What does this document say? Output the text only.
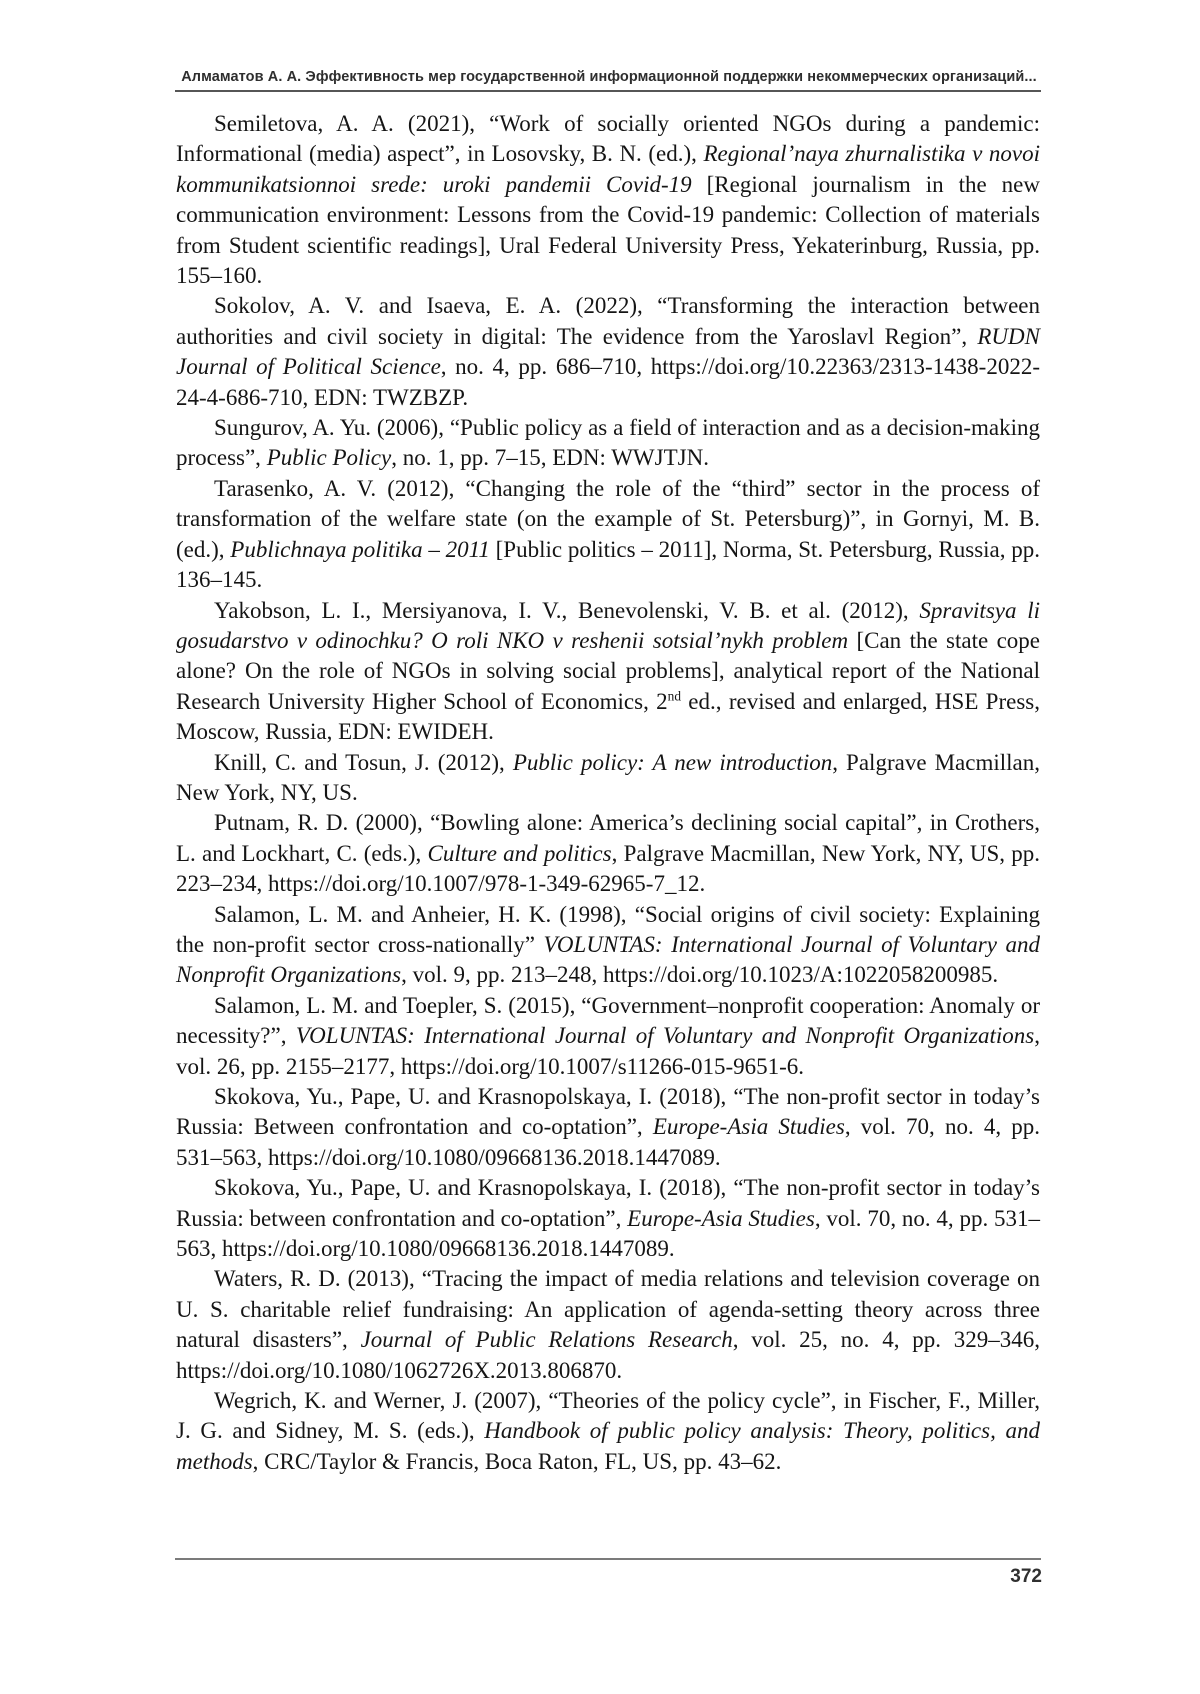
Алмаматов А. А. Эффективность мер государственной информационной поддержки некоммерческих организаций...

Semiletova, A. A. (2021), “Work of socially oriented NGOs during a pandemic: Informational (media) aspect”, in Losovsky, B. N. (ed.), Regional’naya zhurnalistika v novoi kommunikatsionnoi srede: uroki pandemii Covid-19 [Regional journalism in the new communication environment: Lessons from the Covid-19 pandemic: Collection of materials from Student scientific readings], Ural Federal University Press, Yekaterinburg, Russia, pp. 155–160.

Sokolov, A. V. and Isaeva, E. A. (2022), “Transforming the interaction between authorities and civil society in digital: The evidence from the Yaroslavl Region”, RUDN Journal of Political Science, no. 4, pp. 686–710, https://doi.org/10.22363/2313-1438-2022-24-4-686-710, EDN: TWZBZP.

Sungurov, A. Yu. (2006), “Public policy as a field of interaction and as a decision-making process”, Public Policy, no. 1, pp. 7–15, EDN: WWJTJN.

Tarasenko, A. V. (2012), “Changing the role of the “third” sector in the process of transformation of the welfare state (on the example of St. Petersburg)”, in Gornyi, M. B. (ed.), Publichnaya politika – 2011 [Public politics – 2011], Norma, St. Petersburg, Russia, pp. 136–145.

Yakobson, L. I., Mersiyanova, I. V., Benevolenski, V. B. et al. (2012), Spravitsya li gosudarstvo v odinochku? O roli NKO v reshenii sotsial’nykh problem [Can the state cope alone? On the role of NGOs in solving social problems], analytical report of the National Research University Higher School of Economics, 2nd ed., revised and enlarged, HSE Press, Moscow, Russia, EDN: EWIDEH.

Knill, C. and Tosun, J. (2012), Public policy: A new introduction, Palgrave Macmillan, New York, NY, US.

Putnam, R. D. (2000), “Bowling alone: America’s declining social capital”, in Crothers, L. and Lockhart, C. (eds.), Culture and politics, Palgrave Macmillan, New York, NY, US, pp. 223–234, https://doi.org/10.1007/978-1-349-62965-7_12.

Salamon, L. M. and Anheier, H. K. (1998), “Social origins of civil society: Explaining the non-profit sector cross-nationally” VOLUNTAS: International Journal of Voluntary and Nonprofit Organizations, vol. 9, pp. 213–248, https://doi.org/10.1023/A:1022058200985.

Salamon, L. M. and Toepler, S. (2015), “Government–nonprofit cooperation: Anomaly or necessity?”, VOLUNTAS: International Journal of Voluntary and Nonprofit Organizations, vol. 26, pp. 2155–2177, https://doi.org/10.1007/s11266-015-9651-6.

Skokova, Yu., Pape, U. and Krasnopolskaya, I. (2018), “The non-profit sector in today’s Russia: Between confrontation and co-optation”, Europe-Asia Studies, vol. 70, no. 4, pp. 531–563, https://doi.org/10.1080/09668136.2018.1447089.

Skokova, Yu., Pape, U. and Krasnopolskaya, I. (2018), “The non-profit sector in today’s Russia: between confrontation and co-optation”, Europe-Asia Studies, vol. 70, no. 4, pp. 531–563, https://doi.org/10.1080/09668136.2018.1447089.

Waters, R. D. (2013), “Tracing the impact of media relations and television coverage on U. S. charitable relief fundraising: An application of agenda-setting theory across three natural disasters”, Journal of Public Relations Research, vol. 25, no. 4, pp. 329–346, https://doi.org/10.1080/1062726X.2013.806870.

Wegrich, K. and Werner, J. (2007), “Theories of the policy cycle”, in Fischer, F., Miller, J. G. and Sidney, M. S. (eds.), Handbook of public policy analysis: Theory, politics, and methods, CRC/Taylor & Francis, Boca Raton, FL, US, pp. 43–62.

372
